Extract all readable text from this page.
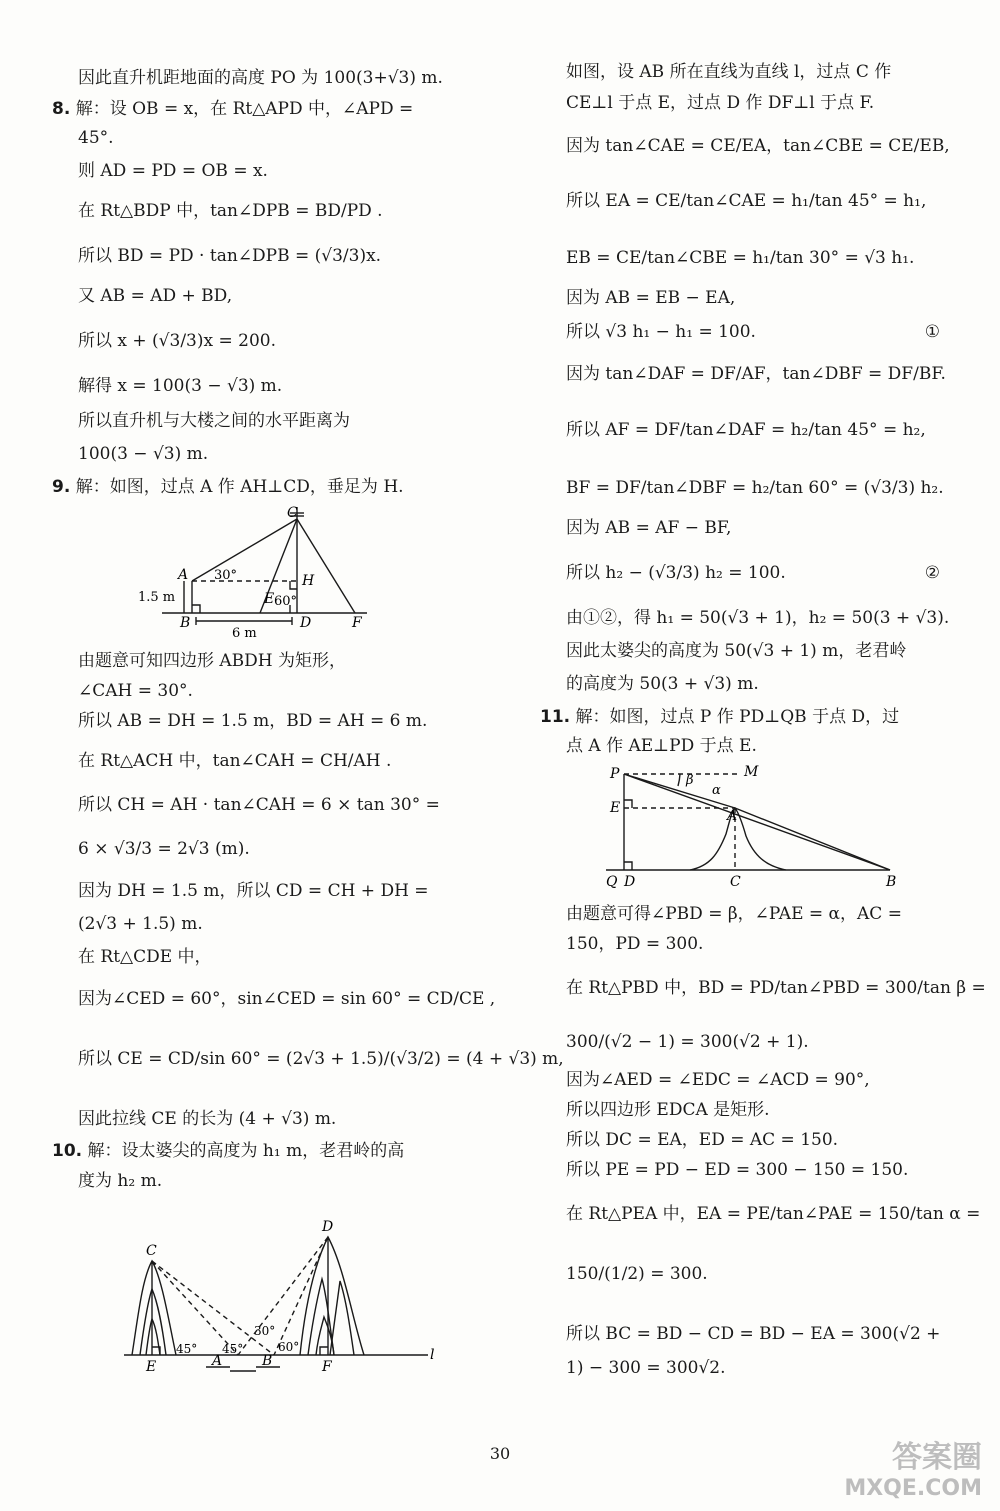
因此直升机距地面的高度 PO 为 100(3+√3) m.

8. 解：设 OB = x，在 Rt△APD 中，∠APD =

45°.

则 AD = PD = OB = x.

在 Rt△BDP 中，tan∠DPB = BD/PD .

所以 BD = PD · tan∠DPB = (√3/3)x.

又 AB = AD + BD,

所以 x + (√3/3)x = 200.

解得 x = 100(3 − √3) m.

所以直升机与大楼之间的水平距离为

100(3 − √3) m.

9. 解：如图，过点 A 作 AH⊥CD，垂足为 H.

C
A	H
B
E
D	F
30°
60°
1.5 m
6 m

由题意可知四边形 ABDH 为矩形，

∠CAH = 30°.

所以 AB = DH = 1.5 m，BD = AH = 6 m.

在 Rt△ACH 中，tan∠CAH = CH/AH .

所以 CH = AH · tan∠CAH = 6 × tan 30° =

6 × √3/3 = 2√3 (m).

因为 DH = 1.5 m，所以 CD = CH + DH =

(2√3 + 1.5) m.

在 Rt△CDE 中，

因为∠CED = 60°，sin∠CED = sin 60° = CD/CE ,

所以 CE = CD/sin 60° = (2√3 + 1.5)/(√3/2) = (4 + √3) m,

因此拉线 CE 的长为 (4 + √3) m.

10. 解：设太婆尖的高度为 h₁ m，老君岭的高

度为 h₂ m.

C
D
E	A	B	F
l
45° 45°
30°
60°

如图，设 AB 所在直线为直线 l，过点 C 作

CE⊥l 于点 E，过点 D 作 DF⊥l 于点 F.

因为 tan∠CAE = CE/EA，tan∠CBE = CE/EB,

所以 EA = CE/tan∠CAE = h₁/tan 45° = h₁,

EB = CE/tan∠CBE = h₁/tan 30° = √3 h₁.

因为 AB = EB − EA,

所以 √3 h₁ − h₁ = 100.	①

因为 tan∠DAF = DF/AF，tan∠DBF = DF/BF.

所以 AF = DF/tan∠DAF = h₂/tan 45° = h₂,

BF = DF/tan∠DBF = h₂/tan 60° = (√3/3) h₂.

因为 AB = AF − BF,

所以 h₂ − (√3/3) h₂ = 100.	②

由①②，得 h₁ = 50(√3 + 1)，h₂ = 50(3 + √3).

因此太婆尖的高度为 50(√3 + 1) m，老君岭

的高度为 50(3 + √3) m.

11. 解：如图，过点 P 作 PD⊥QB 于点 D，过

点 A 作 AE⊥PD 于点 E.

P	M
E	A
Q D	C	B
β
α

由题意可得∠PBD = β，∠PAE = α，AC =

150，PD = 300.

在 Rt△PBD 中，BD = PD/tan∠PBD = 300/tan β =

300/(√2 − 1) = 300(√2 + 1).

因为∠AED = ∠EDC = ∠ACD = 90°,

所以四边形 EDCA 是矩形.

所以 DC = EA，ED = AC = 150.

所以 PE = PD − ED = 300 − 150 = 150.

在 Rt△PEA 中，EA = PE/tan∠PAE = 150/tan α =

150/(1/2) = 300.

所以 BC = BD − CD = BD − EA = 300(√2 +

1) − 300 = 300√2.

30	答案圈
MXQE.COM
